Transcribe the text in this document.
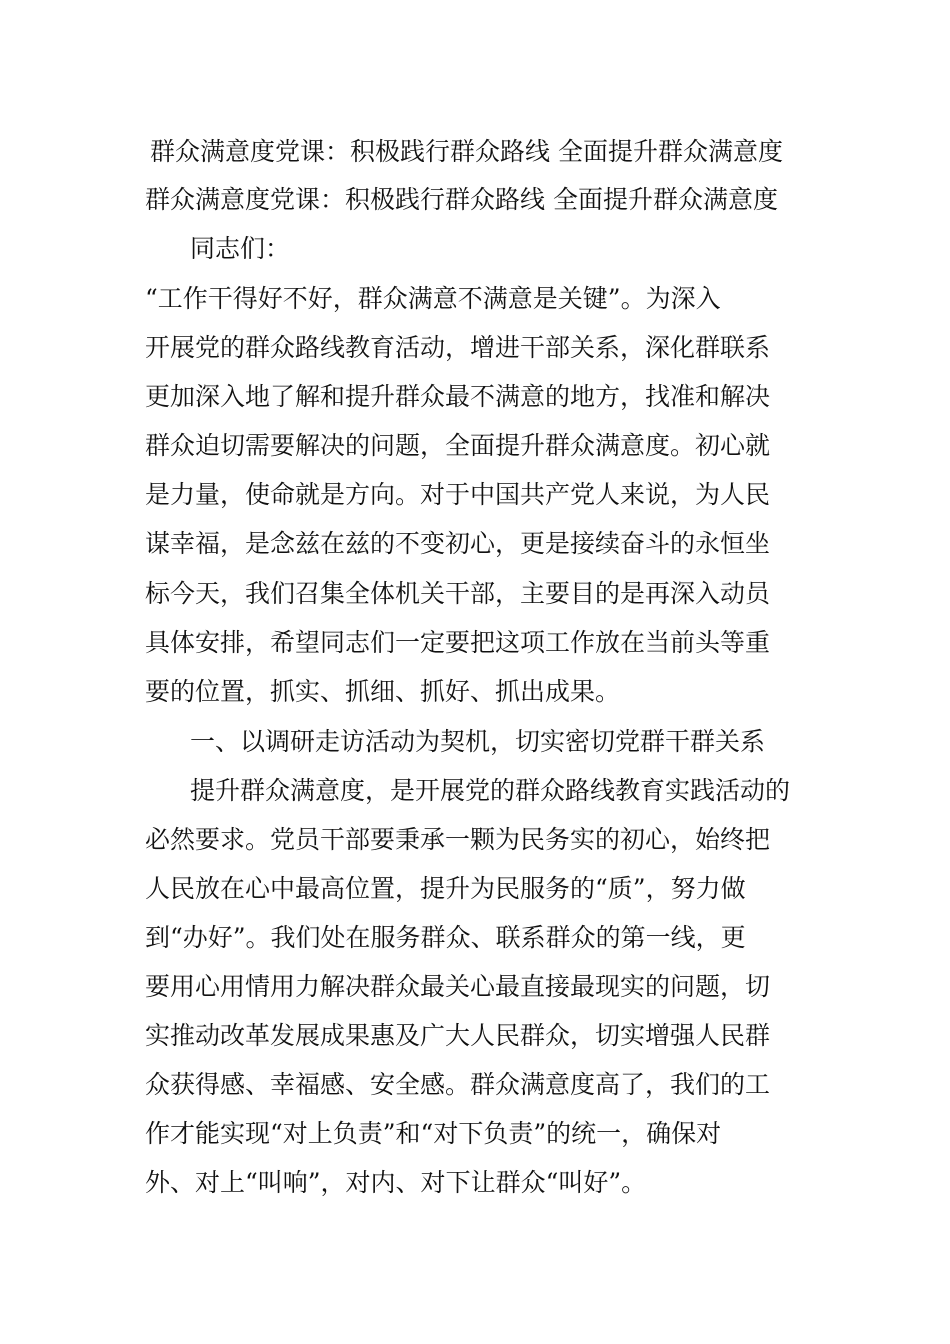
群众满意度党课：积极践行群众路线 全面提升群众满意度
群众满意度党课：积极践行群众路线 全面提升群众满意度
同志们：
“工作干得好不好，群众满意不满意是关键”。为深入
开展党的群众路线教育活动，增进干部关系，深化群联系
更加深入地了解和提升群众最不满意的地方，找准和解决
群众迫切需要解决的问题，全面提升群众满意度。初心就
是力量，使命就是方向。对于中国共产党人来说，为人民
谋幸福，是念兹在兹的不变初心，更是接续奋斗的永恒坐
标今天，我们召集全体机关干部，主要目的是再深入动员
具体安排，希望同志们一定要把这项工作放在当前头等重
要的位置，抓实、抓细、抓好、抓出成果。
一、以调研走访活动为契机，切实密切党群干群关系
提升群众满意度，是开展党的群众路线教育实践活动的
必然要求。党员干部要秉承一颗为民务实的初心，始终把
人民放在心中最高位置，提升为民服务的“质”，努力做
到“办好”。我们处在服务群众、联系群众的第一线，更
要用心用情用力解决群众最关心最直接最现实的问题，切
实推动改革发展成果惠及广大人民群众，切实增强人民群
众获得感、幸福感、安全感。群众满意度高了，我们的工
作才能实现“对上负责”和“对下负责”的统一，确保对
外、对上“叫响”，对内、对下让群众“叫好”。
